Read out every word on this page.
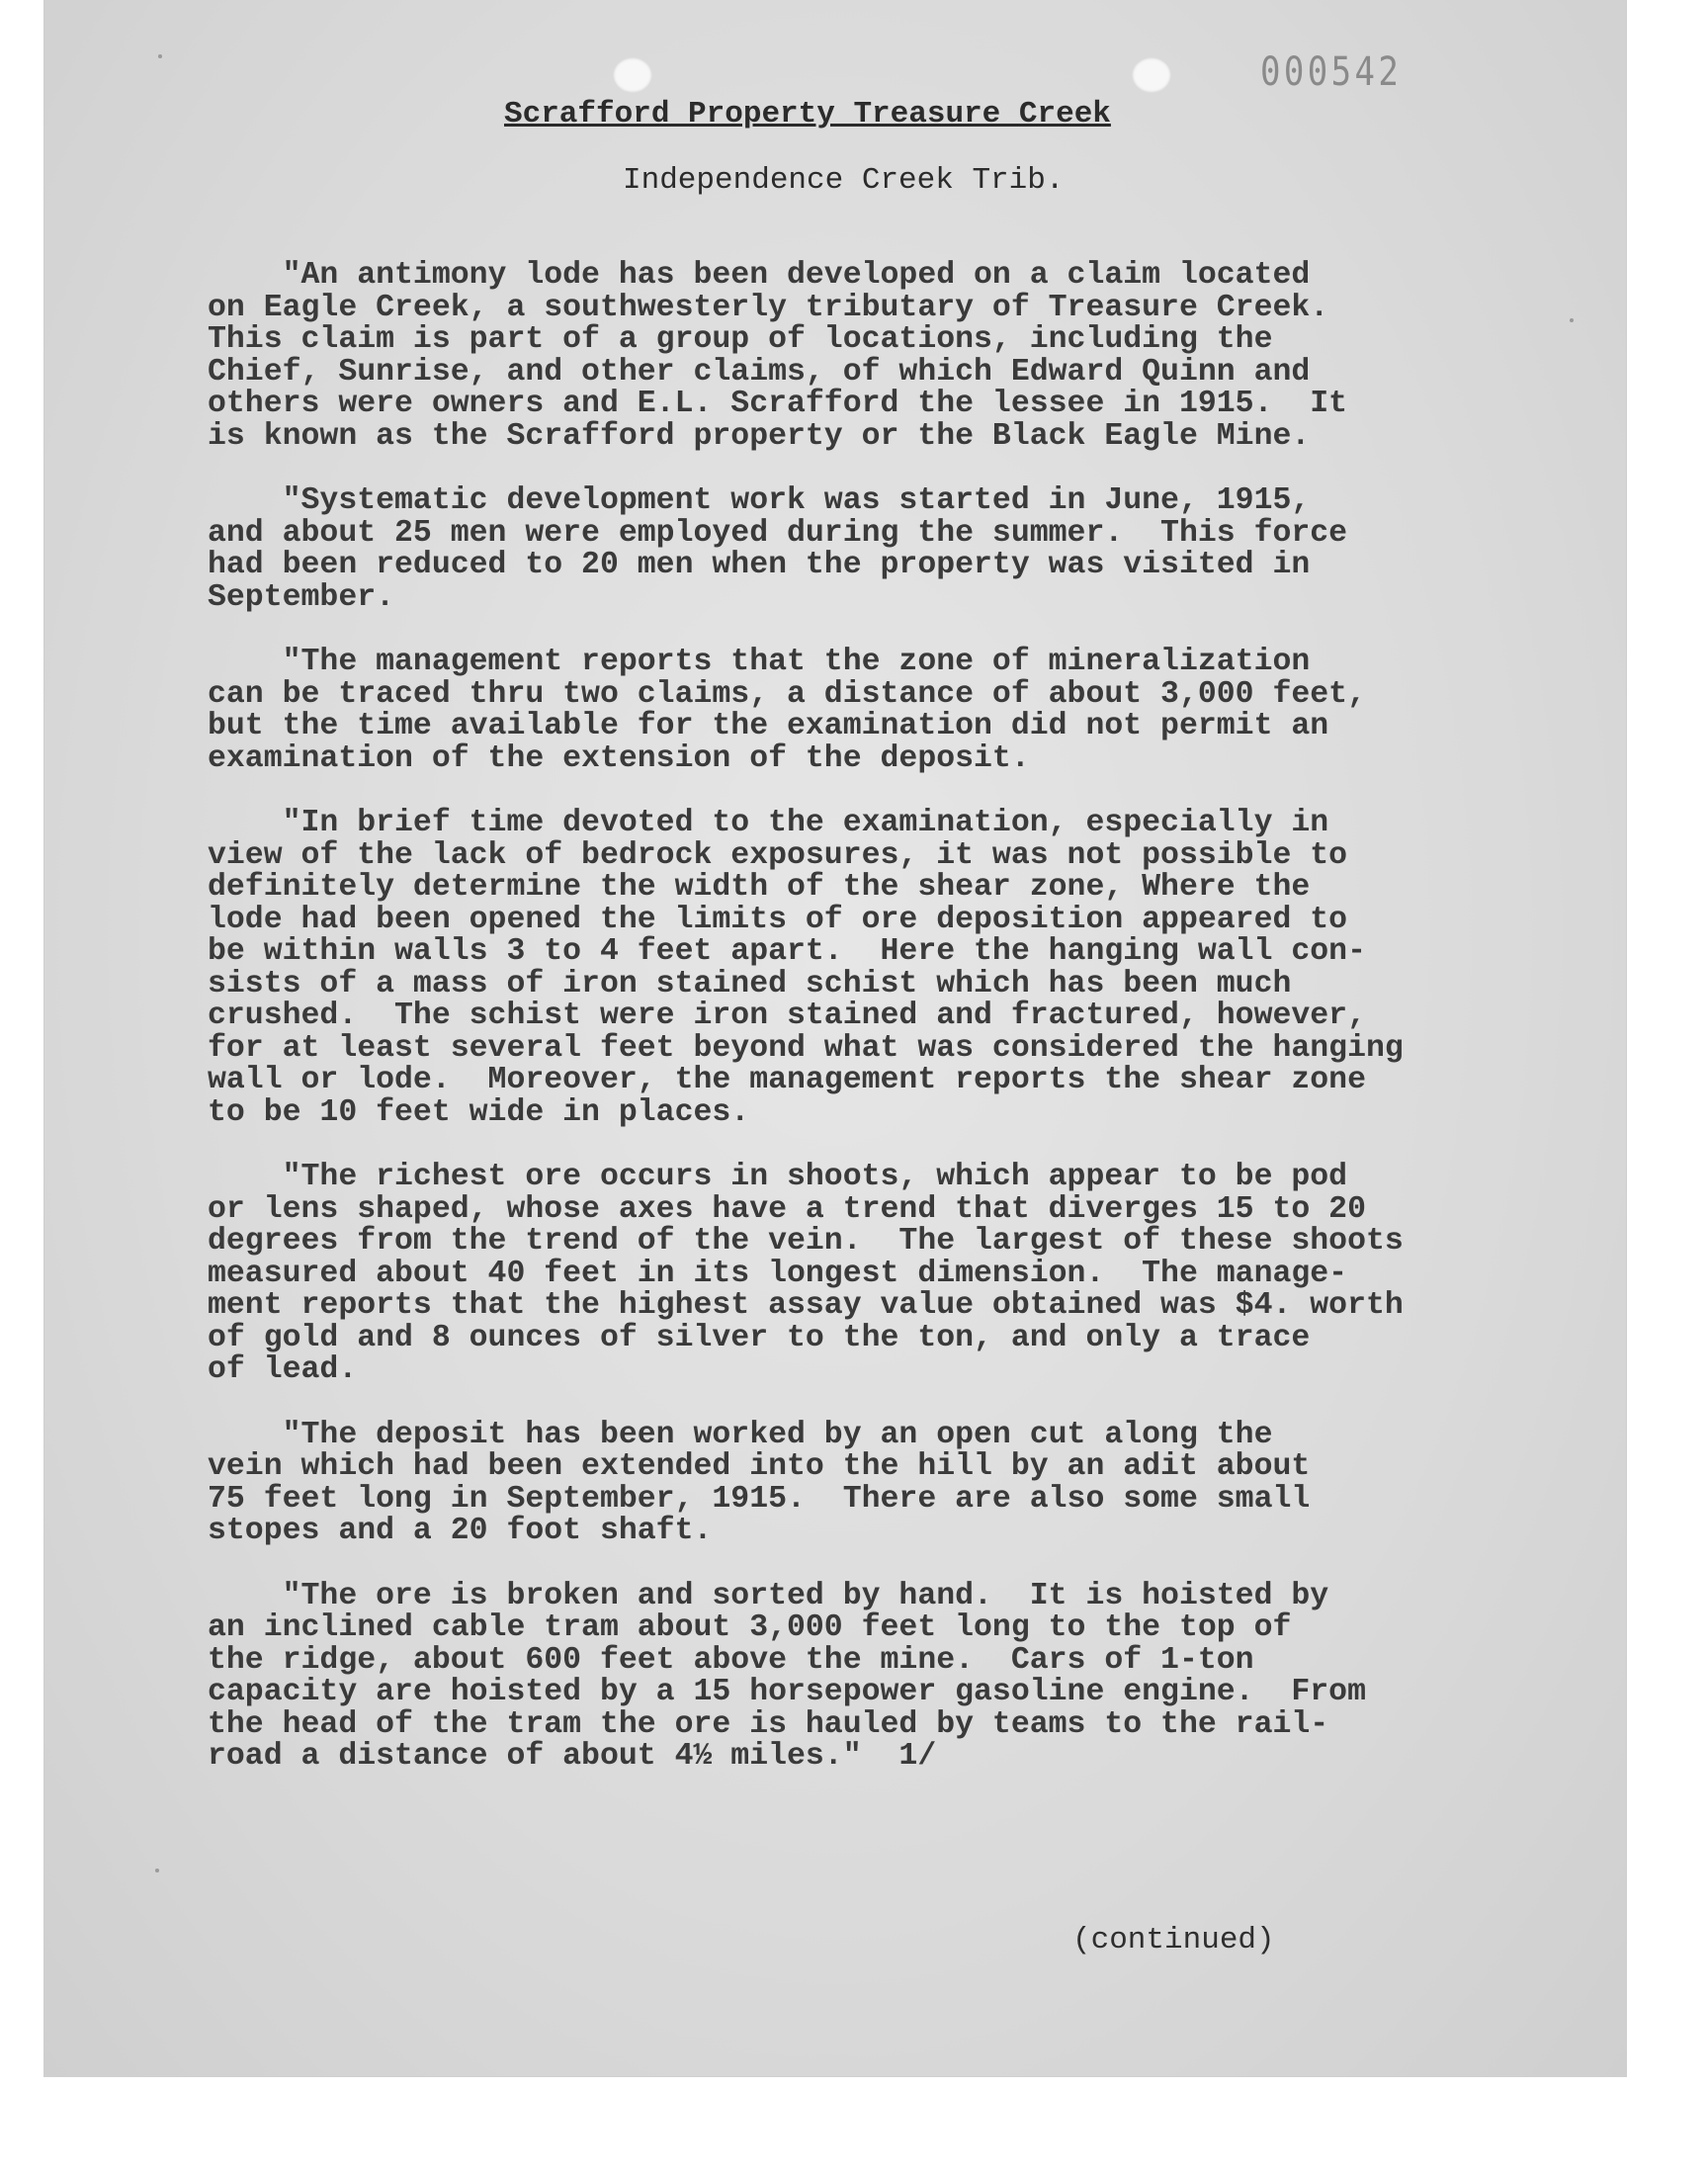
000542
Scrafford Property Treasure Creek
Independence Creek Trib.
"An antimony lode has been developed on a claim located
on Eagle Creek, a southwesterly tributary of Treasure Creek.
This claim is part of a group of locations, including the
Chief, Sunrise, and other claims, of which Edward Quinn and
others were owners and E.L. Scrafford the lessee in 1915.  It
is known as the Scrafford property or the Black Eagle Mine.
"Systematic development work was started in June, 1915,
and about 25 men were employed during the summer.  This force
had been reduced to 20 men when the property was visited in
September.
"The management reports that the zone of mineralization
can be traced thru two claims, a distance of about 3,000 feet,
but the time available for the examination did not permit an
examination of the extension of the deposit.
"In brief time devoted to the examination, especially in
view of the lack of bedrock exposures, it was not possible to
definitely determine the width of the shear zone, Where the
lode had been opened the limits of ore deposition appeared to
be within walls 3 to 4 feet apart.  Here the hanging wall con-
sists of a mass of iron stained schist which has been much
crushed.  The schist were iron stained and fractured, however,
for at least several feet beyond what was considered the hanging
wall or lode.  Moreover, the management reports the shear zone
to be 10 feet wide in places.
"The richest ore occurs in shoots, which appear to be pod
or lens shaped, whose axes have a trend that diverges 15 to 20
degrees from the trend of the vein.  The largest of these shoots
measured about 40 feet in its longest dimension.  The manage-
ment reports that the highest assay value obtained was $4. worth
of gold and 8 ounces of silver to the ton, and only a trace
of lead.
"The deposit has been worked by an open cut along the
vein which had been extended into the hill by an adit about
75 feet long in September, 1915.  There are also some small
stopes and a 20 foot shaft.
"The ore is broken and sorted by hand.  It is hoisted by
an inclined cable tram about 3,000 feet long to the top of
the ridge, about 600 feet above the mine.  Cars of 1-ton
capacity are hoisted by a 15 horsepower gasoline engine.  From
the head of the tram the ore is hauled by teams to the rail-
road a distance of about 4½ miles."  1/
(continued)
